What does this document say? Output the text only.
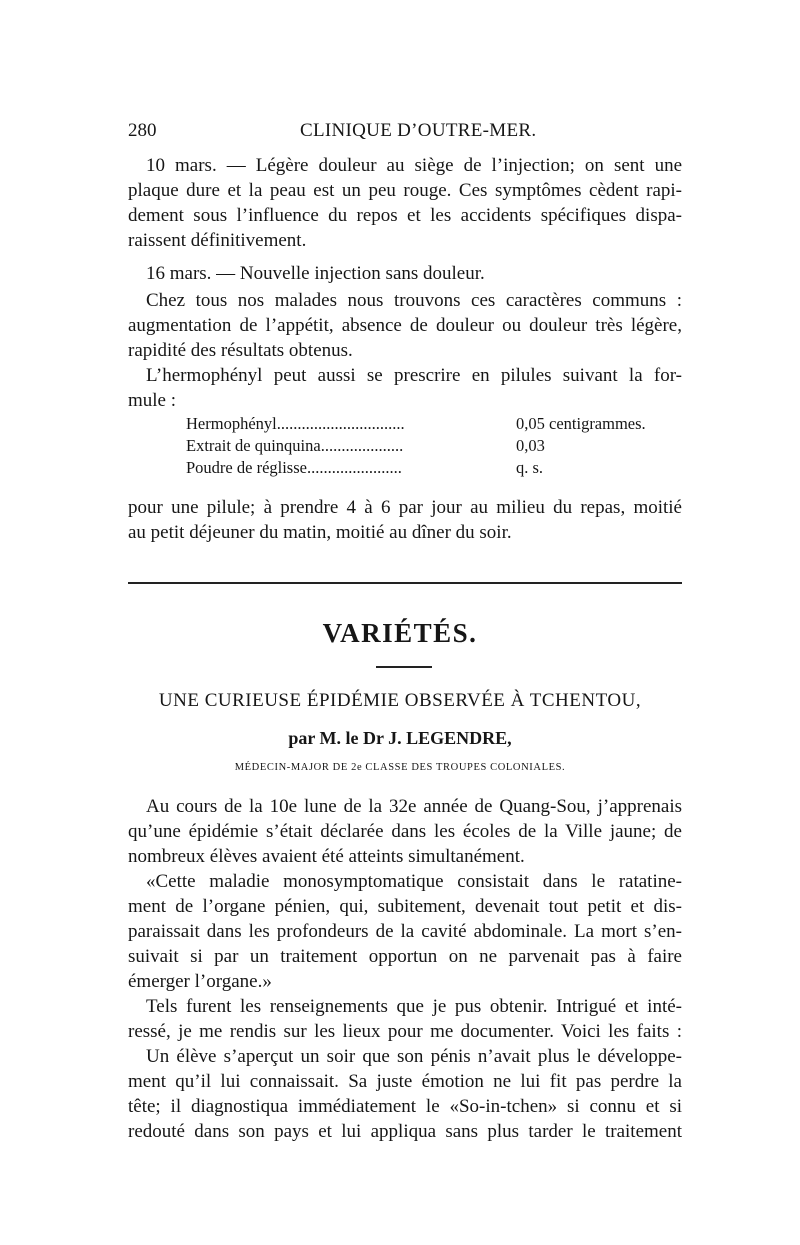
280	CLINIQUE D’OUTRE-MER.
10 mars. — Légère douleur au siège de l’injection; on sent une
plaque dure et la peau est un peu rouge. Ces symptômes cèdent rapi-
dement sous l’influence du repos et les accidents spécifiques dispa-
raissent définitivement.
16 mars. — Nouvelle injection sans douleur.
Chez tous nos malades nous trouvons ces caractères communs :
augmentation de l’appétit, absence de douleur ou douleur très légère,
rapidité des résultats obtenus.
L’hermophényl peut aussi se prescrire en pilules suivant la for-
mule :
Hermophényl...............................	0,05 centigrammes.
Extrait de quinquina....................	0,03
Poudre de réglisse.......................	q. s.
pour une pilule; à prendre 4 à 6 par jour au milieu du repas, moitié
au petit déjeuner du matin, moitié au dîner du soir.
VARIÉTÉS.
UNE CURIEUSE ÉPIDÉMIE OBSERVÉE À TCHENTOU,
par M. le Dr J. LEGENDRE,
MÉDECIN-MAJOR DE 2e CLASSE DES TROUPES COLONIALES.
Au cours de la 10e lune de la 32e année de Quang-Sou, j’apprenais
qu’une épidémie s’était déclarée dans les écoles de la Ville jaune; de
nombreux élèves avaient été atteints simultanément.
«Cette maladie monosymptomatique consistait dans le ratatine-
ment de l’organe pénien, qui, subitement, devenait tout petit et dis-
paraissait dans les profondeurs de la cavité abdominale. La mort s’en-
suivait si par un traitement opportun on ne parvenait pas à faire
émerger l’organe.»
Tels furent les renseignements que je pus obtenir. Intrigué et inté-
ressé, je me rendis sur les lieux pour me documenter. Voici les faits :
Un élève s’aperçut un soir que son pénis n’avait plus le développe-
ment qu’il lui connaissait. Sa juste émotion ne lui fit pas perdre la
tête; il diagnostiqua immédiatement le «So-in-tchen» si connu et si
redouté dans son pays et lui appliqua sans plus tarder le traitement
